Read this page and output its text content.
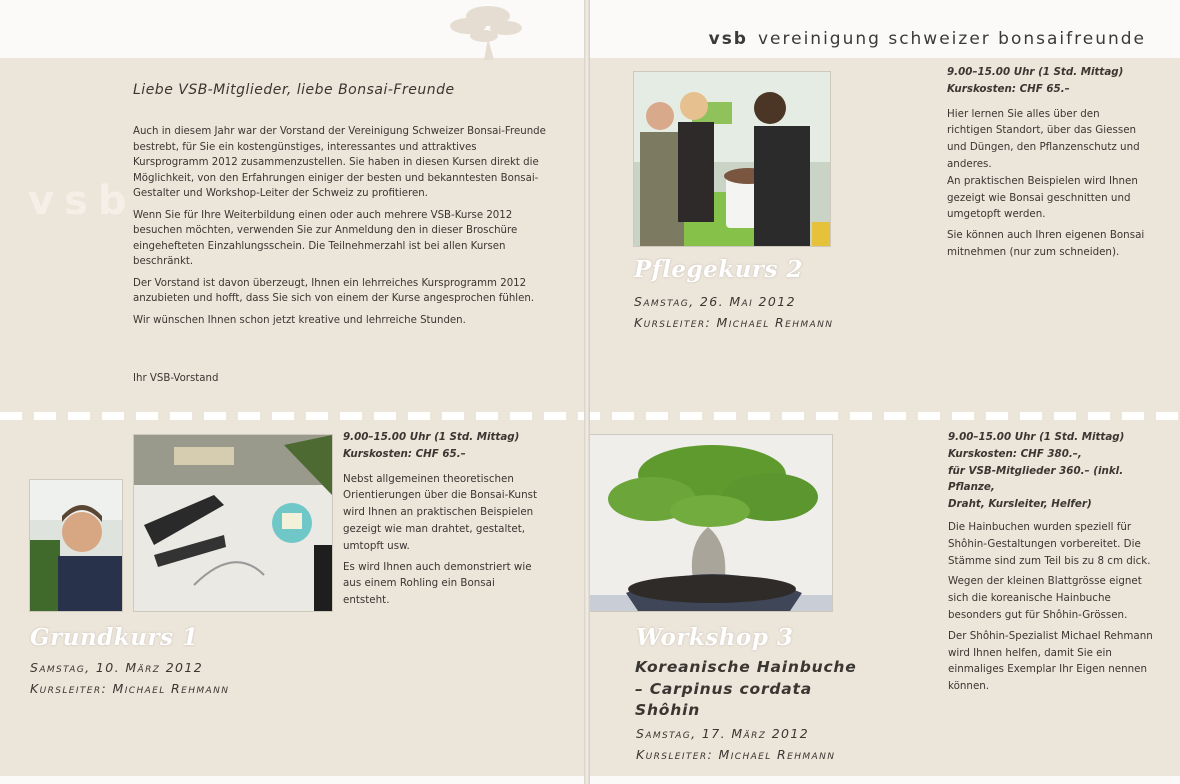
vsb vereinigung schweizer bonsaifreunde
vsb
Liebe VSB-Mitglieder, liebe Bonsai-Freunde

Auch in diesem Jahr war der Vorstand der Vereinigung Schweizer Bonsai-Freunde bestrebt, für Sie ein kostengünstiges, interessantes und attraktives Kursprogramm 2012 zusammenzustellen. Sie haben in diesen Kursen direkt die Möglichkeit, von den Erfahrungen einiger der besten und bekanntesten Bonsai-Gestalter und Workshop-Leiter der Schweiz zu profitieren.

Wenn Sie für Ihre Weiterbildung einen oder auch mehrere VSB-Kurse 2012 besuchen möchten, verwenden Sie zur Anmeldung den in dieser Broschüre eingehefteten Einzahlungsschein. Die Teilnehmerzahl ist bei allen Kursen beschränkt.

Der Vorstand ist davon überzeugt, Ihnen ein lehrreiches Kursprogramm 2012 anzubieten und hofft, dass Sie sich von einem der Kurse angesprochen fühlen.

Wir wünschen Ihnen schon jetzt kreative und lehrreiche Stunden.

Ihr VSB-Vorstand
Pflegekurs 2
Samstag, 26. Mai 2012
Kursleiter: Michael Rehmann
9.00–15.00 Uhr (1 Std. Mittag)
Kurskosten: CHF 65.–

Hier lernen Sie alles über den richtigen Standort, über das Giessen und Düngen, den Pflanzenschutz und anderes.
An praktischen Beispielen wird Ihnen gezeigt wie Bonsai geschnitten und umgetopft werden.

Sie können auch Ihren eigenen Bonsai mitnehmen (nur zum schneiden).

Grundkurs 1
Samstag, 10. März 2012
Kursleiter: Michael Rehmann
9.00–15.00 Uhr (1 Std. Mittag)
Kurskosten: CHF 65.–

Nebst allgemeinen theoretischen Orientierungen über die Bonsai-Kunst wird Ihnen an praktischen Beispielen gezeigt wie man drahtet, gestaltet, umtopft usw.

Es wird Ihnen auch demonstriert wie aus einem Rohling ein Bonsai entsteht.

Workshop 3
Koreanische Hainbuche
– Carpinus cordata
Shôhin
Samstag, 17. März 2012
Kursleiter: Michael Rehmann
9.00–15.00 Uhr (1 Std. Mittag)
Kurskosten: CHF 380.–,
für VSB-Mitglieder 360.– (inkl. Pflanze,
Draht, Kursleiter, Helfer)

Die Hainbuchen wurden speziell für Shôhin-Gestaltungen vorbereitet. Die Stämme sind zum Teil bis zu 8 cm dick.

Wegen der kleinen Blattgrösse eignet sich die koreanische Hainbuche besonders gut für Shôhin-Grössen.

Der Shôhin-Spezialist Michael Rehmann wird Ihnen helfen, damit Sie ein einmaliges Exemplar Ihr Eigen nennen können.
